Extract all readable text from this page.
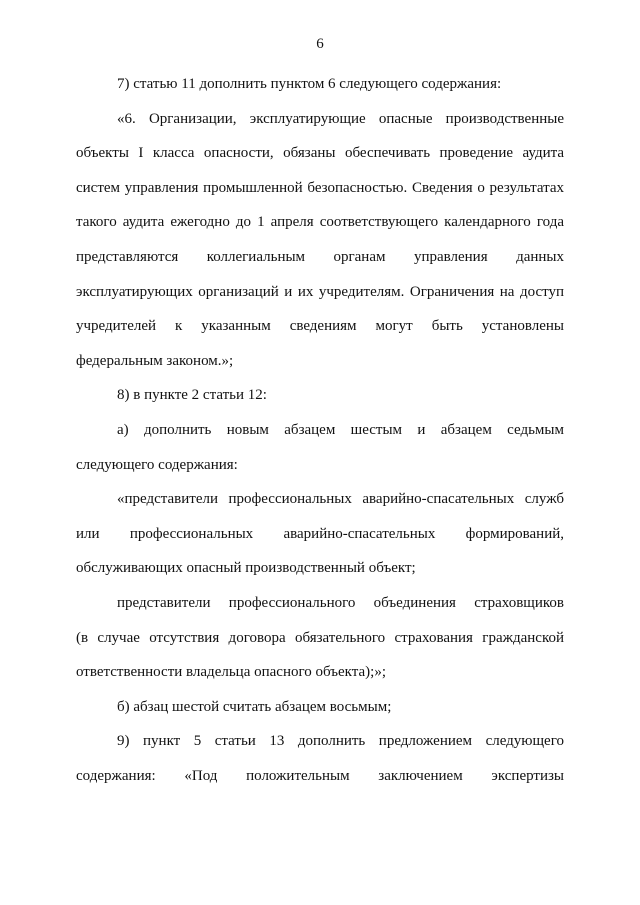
6
7) статью 11 дополнить пунктом 6 следующего содержания:
«6. Организации, эксплуатирующие опасные производственные
объекты I класса опасности, обязаны обеспечивать проведение аудита
систем управления промышленной безопасностью. Сведения о результатах
такого аудита ежегодно до 1 апреля соответствующего календарного года
представляются коллегиальным органам управления данных
эксплуатирующих организаций и их учредителям. Ограничения на доступ
учредителей к указанным сведениям могут быть установлены
федеральным законом.»;
8) в пункте 2 статьи 12:
а) дополнить новым абзацем шестым и абзацем седьмым
следующего содержания:
«представители профессиональных аварийно-спасательных служб
или профессиональных аварийно-спасательных формирований,
обслуживающих опасный производственный объект;
представители профессионального объединения страховщиков
(в случае отсутствия договора обязательного страхования гражданской
ответственности владельца опасного объекта);»;
б) абзац шестой считать абзацем восьмым;
9) пункт 5 статьи 13 дополнить предложением следующего
содержания: «Под положительным заключением экспертизы
